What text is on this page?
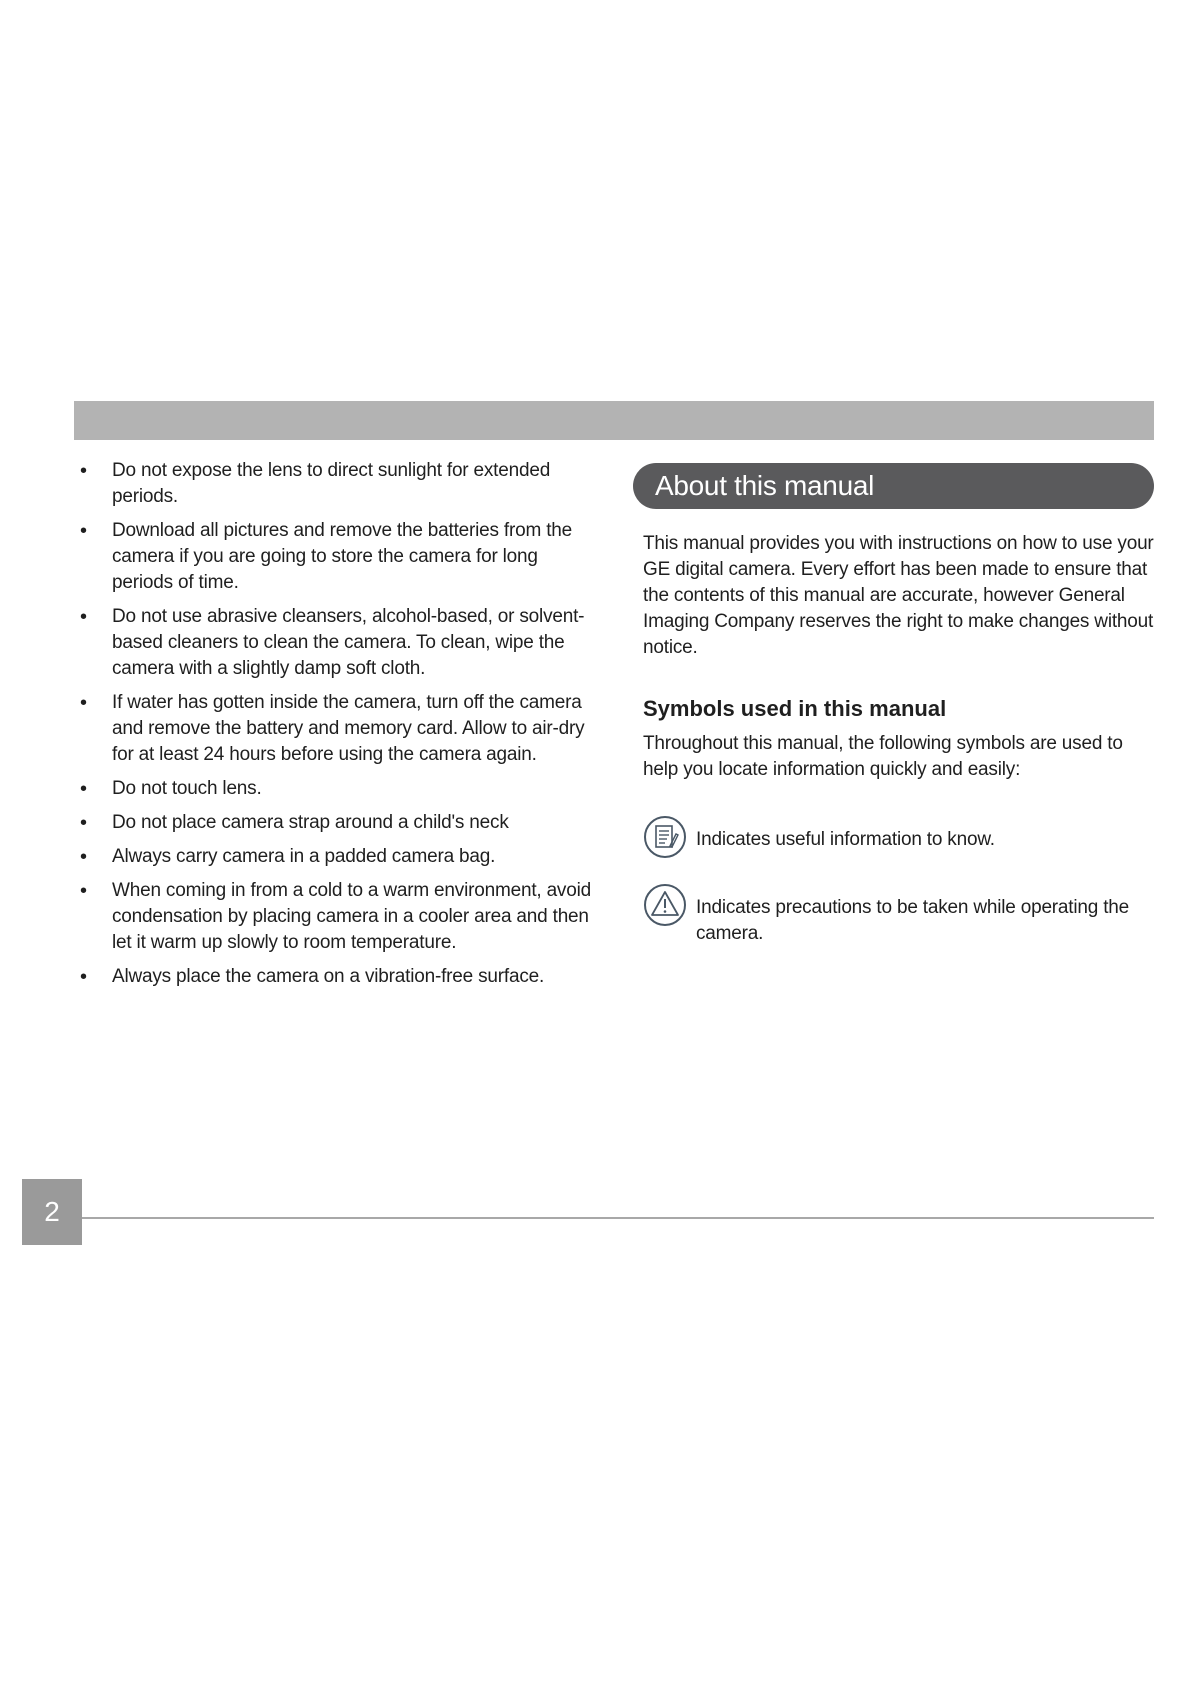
•	Do not expose the lens to direct sunlight for extended periods.
•	Download all pictures and remove the batteries from the camera if you are going to store the camera for long periods of time.
•	Do not use abrasive cleansers, alcohol-based, or solvent-based cleaners to clean the camera. To clean, wipe the camera with a slightly damp soft cloth.
•	If water has gotten inside the camera, turn off the camera and remove the battery and memory card. Allow to air-dry for at least 24 hours before using the camera again.
•	Do not touch lens.
•	Do not place camera strap around a child's neck
•	Always carry camera in a padded camera bag.
•	When coming in from a cold to a warm environment, avoid condensation by placing camera in a cooler area and then let it warm up slowly to room temperature.
•	Always place the camera on a vibration-free surface.
About this manual

This manual provides you with instructions on how to use your GE digital camera. Every effort has been made to ensure that the contents of this manual are accurate, however General Imaging Company reserves the right to make changes without notice.

Symbols used in this manual

Throughout this manual, the following symbols are used to help you locate information quickly and easily:

Indicates useful information to know.
Indicates precautions to be taken while operating the camera.
2
